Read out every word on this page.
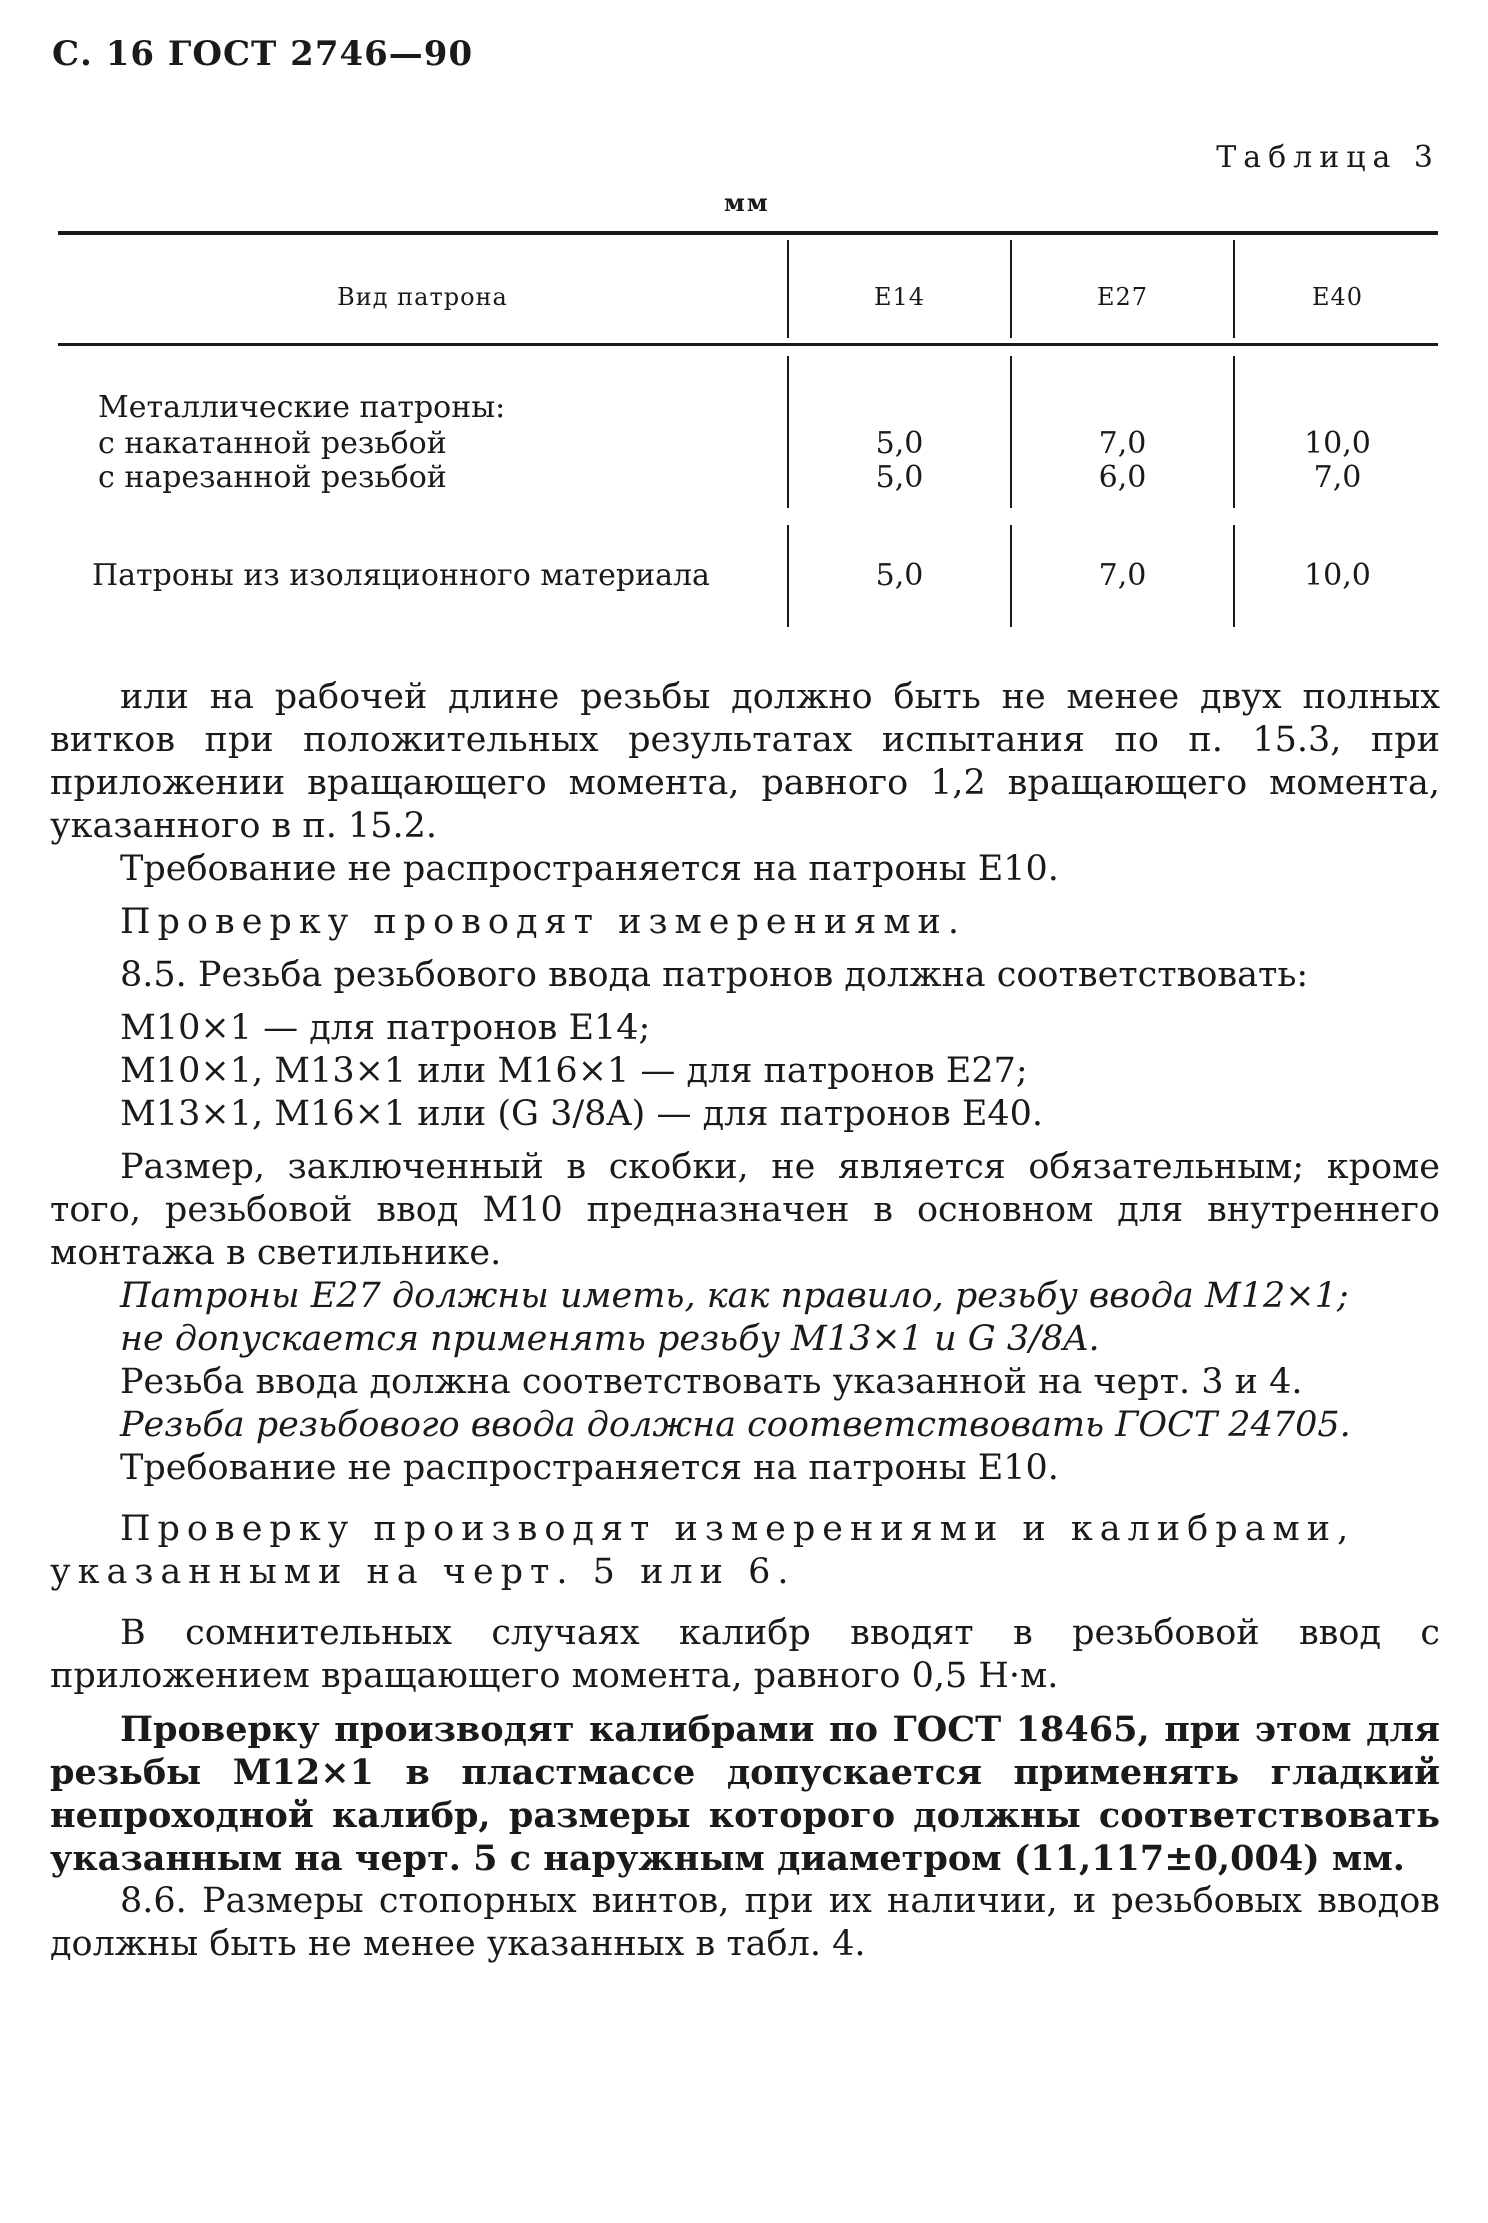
С. 16 ГОСТ 2746—90
Таблица 3
мм
Вид патрона	E14	E27	E40
Металлические патроны:
с накатанной резьбой	5,0	7,0	10,0
с нарезанной резьбой	5,0	6,0	7,0
Патроны из изоляционного материала	5,0	7,0	10,0

или на рабочей длине резьбы должно быть не менее двух полных витков при положительных результатах испытания по п. 15.3, при приложении вращающего момента, равного 1,2 вращающего момента, указанного в п. 15.2.

Требование не распространяется на патроны E10.

Проверку проводят измерениями.

8.5. Резьба резьбового ввода патронов должна соответствовать:

M10×1 — для патронов E14;

M10×1, M13×1 или M16×1 — для патронов E27;

M13×1, M16×1 или (G 3/8A) — для патронов E40.

Размер, заключенный в скобки, не является обязательным; кроме того, резьбовой ввод M10 предназначен в основном для внутреннего монтажа в светильнике.

Патроны E27 должны иметь, как правило, резьбу ввода M12×1;

не допускается применять резьбу M13×1 и G 3/8A.

Резьба ввода должна соответствовать указанной на черт. 3 и 4.

Резьба резьбового ввода должна соответствовать ГОСТ 24705.

Требование не распространяется на патроны E10.

Проверку производят измерениями и калибрами, указанными на черт. 5 или 6.

В сомнительных случаях калибр вводят в резьбовой ввод с приложением вращающего момента, равного 0,5 Н·м.

Проверку производят калибрами по ГОСТ 18465, при этом для резьбы M12×1 в пластмассе допускается применять гладкий непроходной калибр, размеры которого должны соответствовать указанным на черт. 5 с наружным диаметром (11,117±0,004) мм.

8.6. Размеры стопорных винтов, при их наличии, и резьбовых вводов должны быть не менее указанных в табл. 4.
